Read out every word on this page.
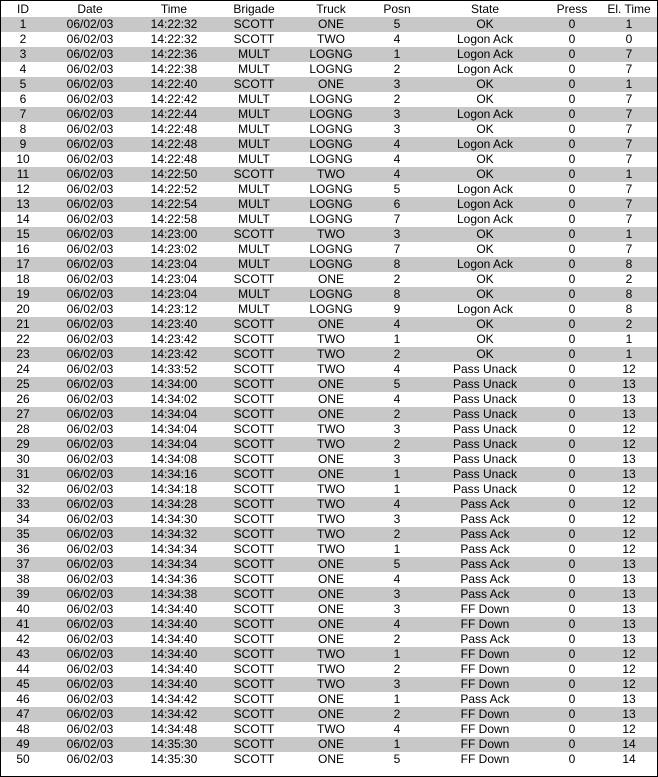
ID	Date	Time	Brigade	Truck	Posn	State	Press	El. Time
1	06/02/03	14:22:32	SCOTT	ONE	5	OK	0	1
2	06/02/03	14:22:32	SCOTT	TWO	4	Logon Ack	0	0
3	06/02/03	14:22:36	MULT	LOGNG	1	Logon Ack	0	7
4	06/02/03	14:22:38	MULT	LOGNG	2	Logon Ack	0	7
5	06/02/03	14:22:40	SCOTT	ONE	3	OK	0	1
6	06/02/03	14:22:42	MULT	LOGNG	2	OK	0	7
7	06/02/03	14:22:44	MULT	LOGNG	3	Logon Ack	0	7
8	06/02/03	14:22:48	MULT	LOGNG	3	OK	0	7
9	06/02/03	14:22:48	MULT	LOGNG	4	Logon Ack	0	7
10	06/02/03	14:22:48	MULT	LOGNG	4	OK	0	7
11	06/02/03	14:22:50	SCOTT	TWO	4	OK	0	1
12	06/02/03	14:22:52	MULT	LOGNG	5	Logon Ack	0	7
13	06/02/03	14:22:54	MULT	LOGNG	6	Logon Ack	0	7
14	06/02/03	14:22:58	MULT	LOGNG	7	Logon Ack	0	7
15	06/02/03	14:23:00	SCOTT	TWO	3	OK	0	1
16	06/02/03	14:23:02	MULT	LOGNG	7	OK	0	7
17	06/02/03	14:23:04	MULT	LOGNG	8	Logon Ack	0	8
18	06/02/03	14:23:04	SCOTT	ONE	2	OK	0	2
19	06/02/03	14:23:04	MULT	LOGNG	8	OK	0	8
20	06/02/03	14:23:12	MULT	LOGNG	9	Logon Ack	0	8
21	06/02/03	14:23:40	SCOTT	ONE	4	OK	0	2
22	06/02/03	14:23:42	SCOTT	TWO	1	OK	0	1
23	06/02/03	14:23:42	SCOTT	TWO	2	OK	0	1
24	06/02/03	14:33:52	SCOTT	TWO	4	Pass Unack	0	12
25	06/02/03	14:34:00	SCOTT	ONE	5	Pass Unack	0	13
26	06/02/03	14:34:02	SCOTT	ONE	4	Pass Unack	0	13
27	06/02/03	14:34:04	SCOTT	ONE	2	Pass Unack	0	13
28	06/02/03	14:34:04	SCOTT	TWO	3	Pass Unack	0	12
29	06/02/03	14:34:04	SCOTT	TWO	2	Pass Unack	0	12
30	06/02/03	14:34:08	SCOTT	ONE	3	Pass Unack	0	13
31	06/02/03	14:34:16	SCOTT	ONE	1	Pass Unack	0	13
32	06/02/03	14:34:18	SCOTT	TWO	1	Pass Unack	0	12
33	06/02/03	14:34:28	SCOTT	TWO	4	Pass Ack	0	12
34	06/02/03	14:34:30	SCOTT	TWO	3	Pass Ack	0	12
35	06/02/03	14:34:32	SCOTT	TWO	2	Pass Ack	0	12
36	06/02/03	14:34:34	SCOTT	TWO	1	Pass Ack	0	12
37	06/02/03	14:34:34	SCOTT	ONE	5	Pass Ack	0	13
38	06/02/03	14:34:36	SCOTT	ONE	4	Pass Ack	0	13
39	06/02/03	14:34:38	SCOTT	ONE	3	Pass Ack	0	13
40	06/02/03	14:34:40	SCOTT	ONE	3	FF Down	0	13
41	06/02/03	14:34:40	SCOTT	ONE	4	FF Down	0	13
42	06/02/03	14:34:40	SCOTT	ONE	2	Pass Ack	0	13
43	06/02/03	14:34:40	SCOTT	TWO	1	FF Down	0	12
44	06/02/03	14:34:40	SCOTT	TWO	2	FF Down	0	12
45	06/02/03	14:34:40	SCOTT	TWO	3	FF Down	0	12
46	06/02/03	14:34:42	SCOTT	ONE	1	Pass Ack	0	13
47	06/02/03	14:34:42	SCOTT	ONE	2	FF Down	0	13
48	06/02/03	14:34:48	SCOTT	TWO	4	FF Down	0	12
49	06/02/03	14:35:30	SCOTT	ONE	1	FF Down	0	14
50	06/02/03	14:35:30	SCOTT	ONE	5	FF Down	0	14
